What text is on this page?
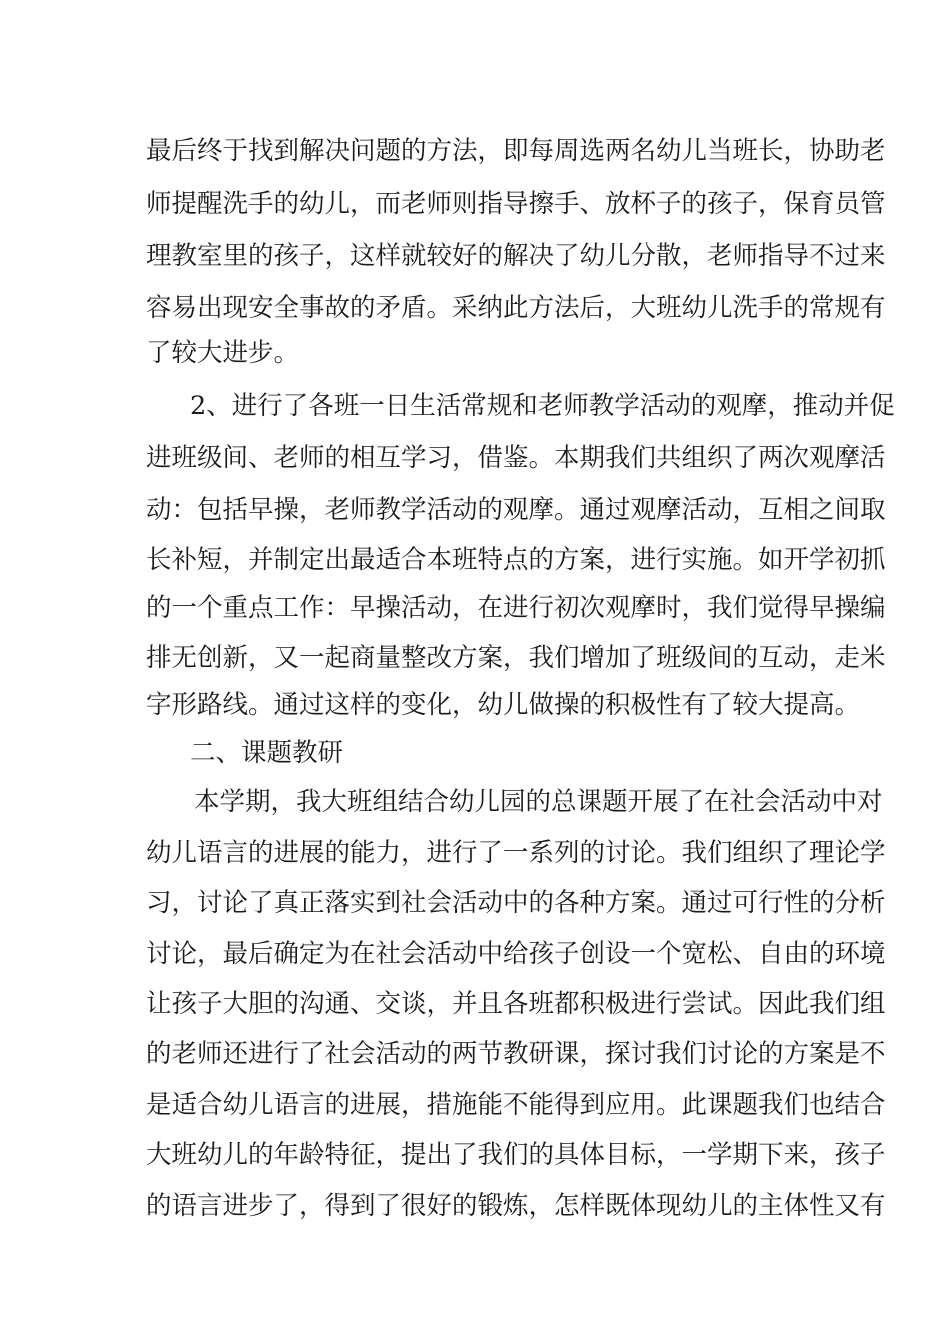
最后终于找到解决问题的方法，即每周选两名幼儿当班长，协助老
师提醒洗手的幼儿，而老师则指导擦手、放杯子的孩子，保育员管
理教室里的孩子，这样就较好的解决了幼儿分散，老师指导不过来
容易出现安全事故的矛盾。采纳此方法后，大班幼儿洗手的常规有
了较大进步。
2、进行了各班一日生活常规和老师教学活动的观摩，推动并促
进班级间、老师的相互学习，借鉴。本期我们共组织了两次观摩活
动：包括早操，老师教学活动的观摩。通过观摩活动，互相之间取
长补短，并制定出最适合本班特点的方案，进行实施。如开学初抓
的一个重点工作：早操活动，在进行初次观摩时，我们觉得早操编
排无创新，又一起商量整改方案，我们增加了班级间的互动，走米
字形路线。通过这样的变化，幼儿做操的积极性有了较大提高。
二、课题教研
本学期，我大班组结合幼儿园的总课题开展了在社会活动中对
幼儿语言的进展的能力，进行了一系列的讨论。我们组织了理论学
习，讨论了真正落实到社会活动中的各种方案。通过可行性的分析
讨论，最后确定为在社会活动中给孩子创设一个宽松、自由的环境
让孩子大胆的沟通、交谈，并且各班都积极进行尝试。因此我们组
的老师还进行了社会活动的两节教研课，探讨我们讨论的方案是不
是适合幼儿语言的进展，措施能不能得到应用。此课题我们也结合
大班幼儿的年龄特征，提出了我们的具体目标，一学期下来，孩子
的语言进步了，得到了很好的锻炼，怎样既体现幼儿的主体性又有
